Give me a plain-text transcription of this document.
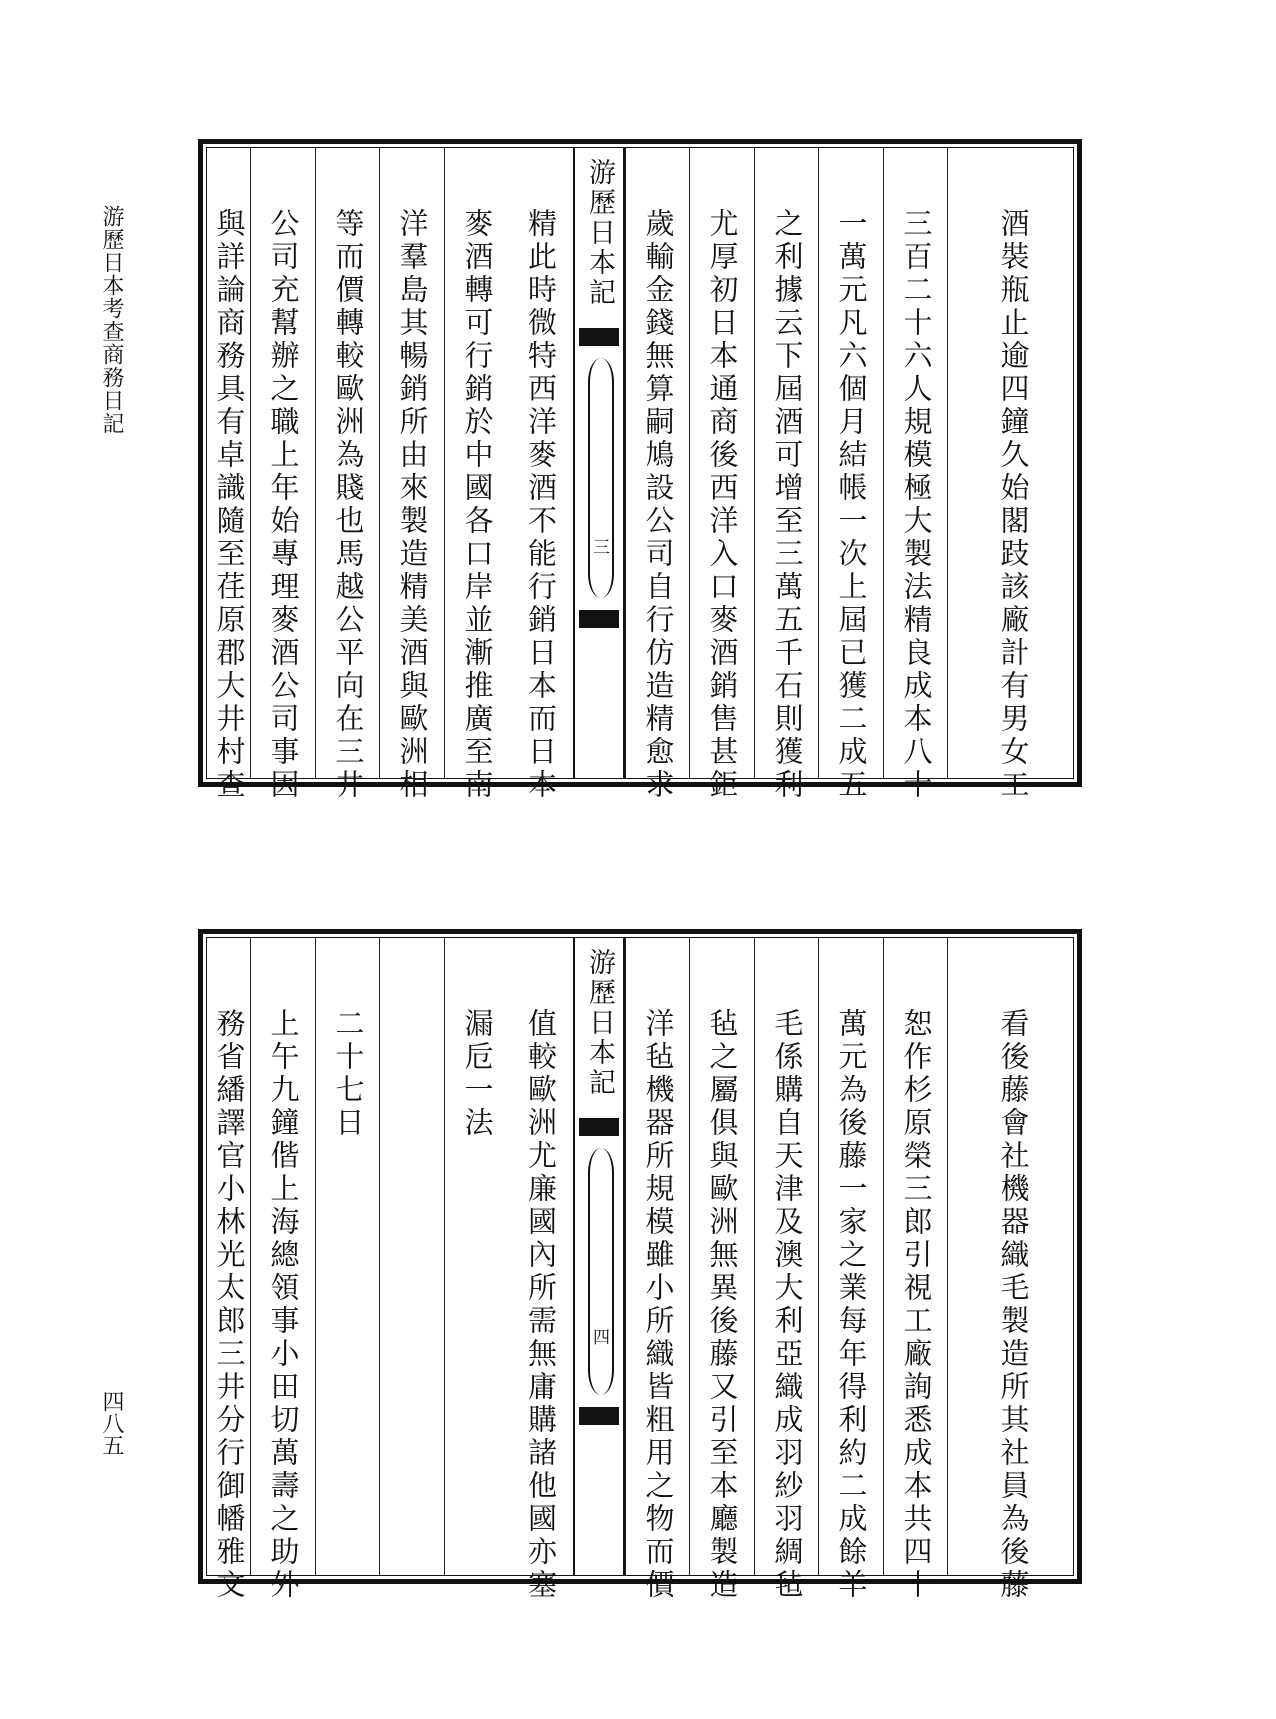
游歷日本考查商務日記
四八五
酒裝瓶止逾四鐘久始閣跂該廠計有男女工
三百二十六人規模極大製法精良成本八十
一萬元凡六個月結帳一次上屆已獲二成五
之利據云下屆酒可增至三萬五千石則獲利
尤厚初日本通商後西洋入口麥酒銷售甚鉅
歲輸金錢無算嗣鳩設公司自行仿造精愈求
游歷日本記
三
精此時微特西洋麥酒不能行銷日本而日本
麥酒轉可行銷於中國各口岸並漸推廣至南
洋羣島其暢銷所由來製造精美酒與歐洲相
等而價轉較歐洲為賤也馬越公平向在三井
公司充幫辦之職上年始專理麥酒公司事因
與詳論商務具有卓識隨至荏原郡大井村查
看後藤會社機器織毛製造所其社員為後藤
恕作杉原榮三郎引視工廠詢悉成本共四十
萬元為後藤一家之業每年得利約二成餘羊
毛係購自天津及澳大利亞織成羽紗羽綢毡
毡之屬俱與歐洲無異後藤又引至本廳製造
洋毡機器所規模雖小所織皆粗用之物而價
游歷日本記
四
值較歐洲尤廉國內所需無庸購諸他國亦塞
漏卮一法
二十七日
上午九鐘偕上海總領事小田切萬壽之助外
務省繙譯官小林光太郎三井分行御幡雅文
